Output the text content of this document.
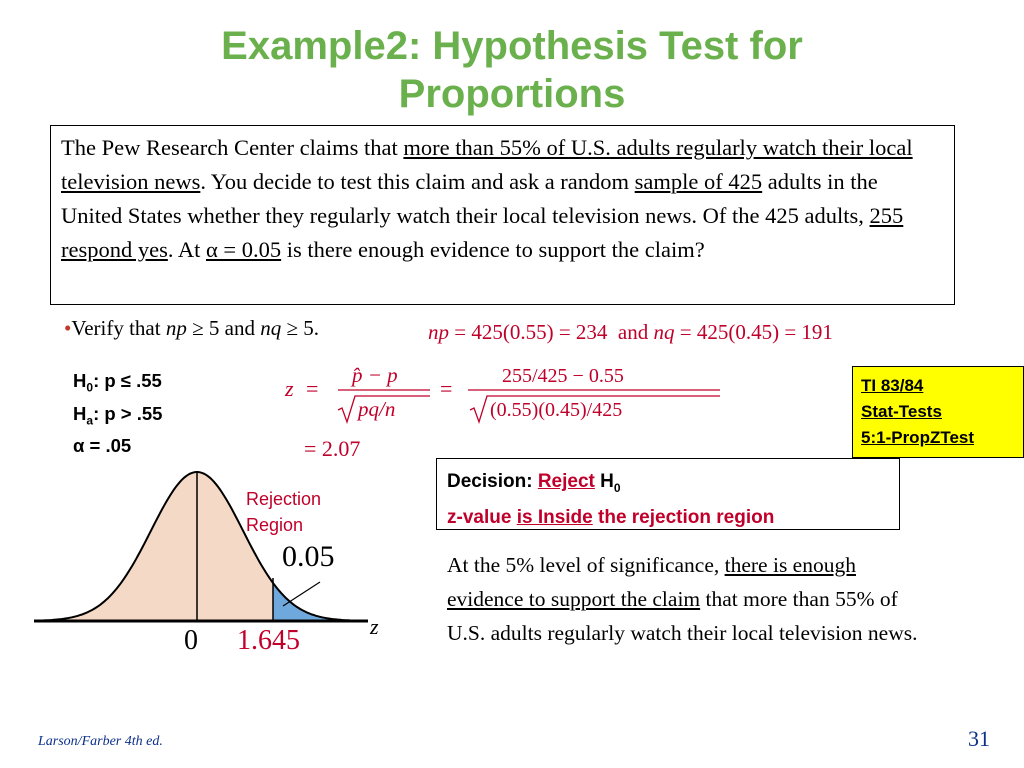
Example2: Hypothesis Test for
Proportions
The Pew Research Center claims that more than 55% of U.S. adults regularly watch their local television news. You decide to test this claim and ask a random sample of 425 adults in the United States whether they regularly watch their local television news. Of the 425 adults, 255 respond yes. At α = 0.05 is there enough evidence to support the claim?
•Verify that np ≥ 5 and nq ≥ 5.	np = 425(0.55) = 234  and nq = 425(0.45) = 191
$H_0$: p ≤ .55
$H_a$: p > .55
α = .05
z =
p̂ − p
pq/n
= 255/425 − 0.55
(0.55)(0.45)/425
= 2.07
TI 83/84
Stat-Tests
5:1-PropZTest
Decision: Reject $H_0$
z-value is Inside the rejection region
At the 5% level of significance, there is enough evidence to support the claim that more than 55% of U.S. adults regularly watch their local television news.
Rejection
Region
0.05
0 1.645	z
Larson/Farber 4th ed.	31
